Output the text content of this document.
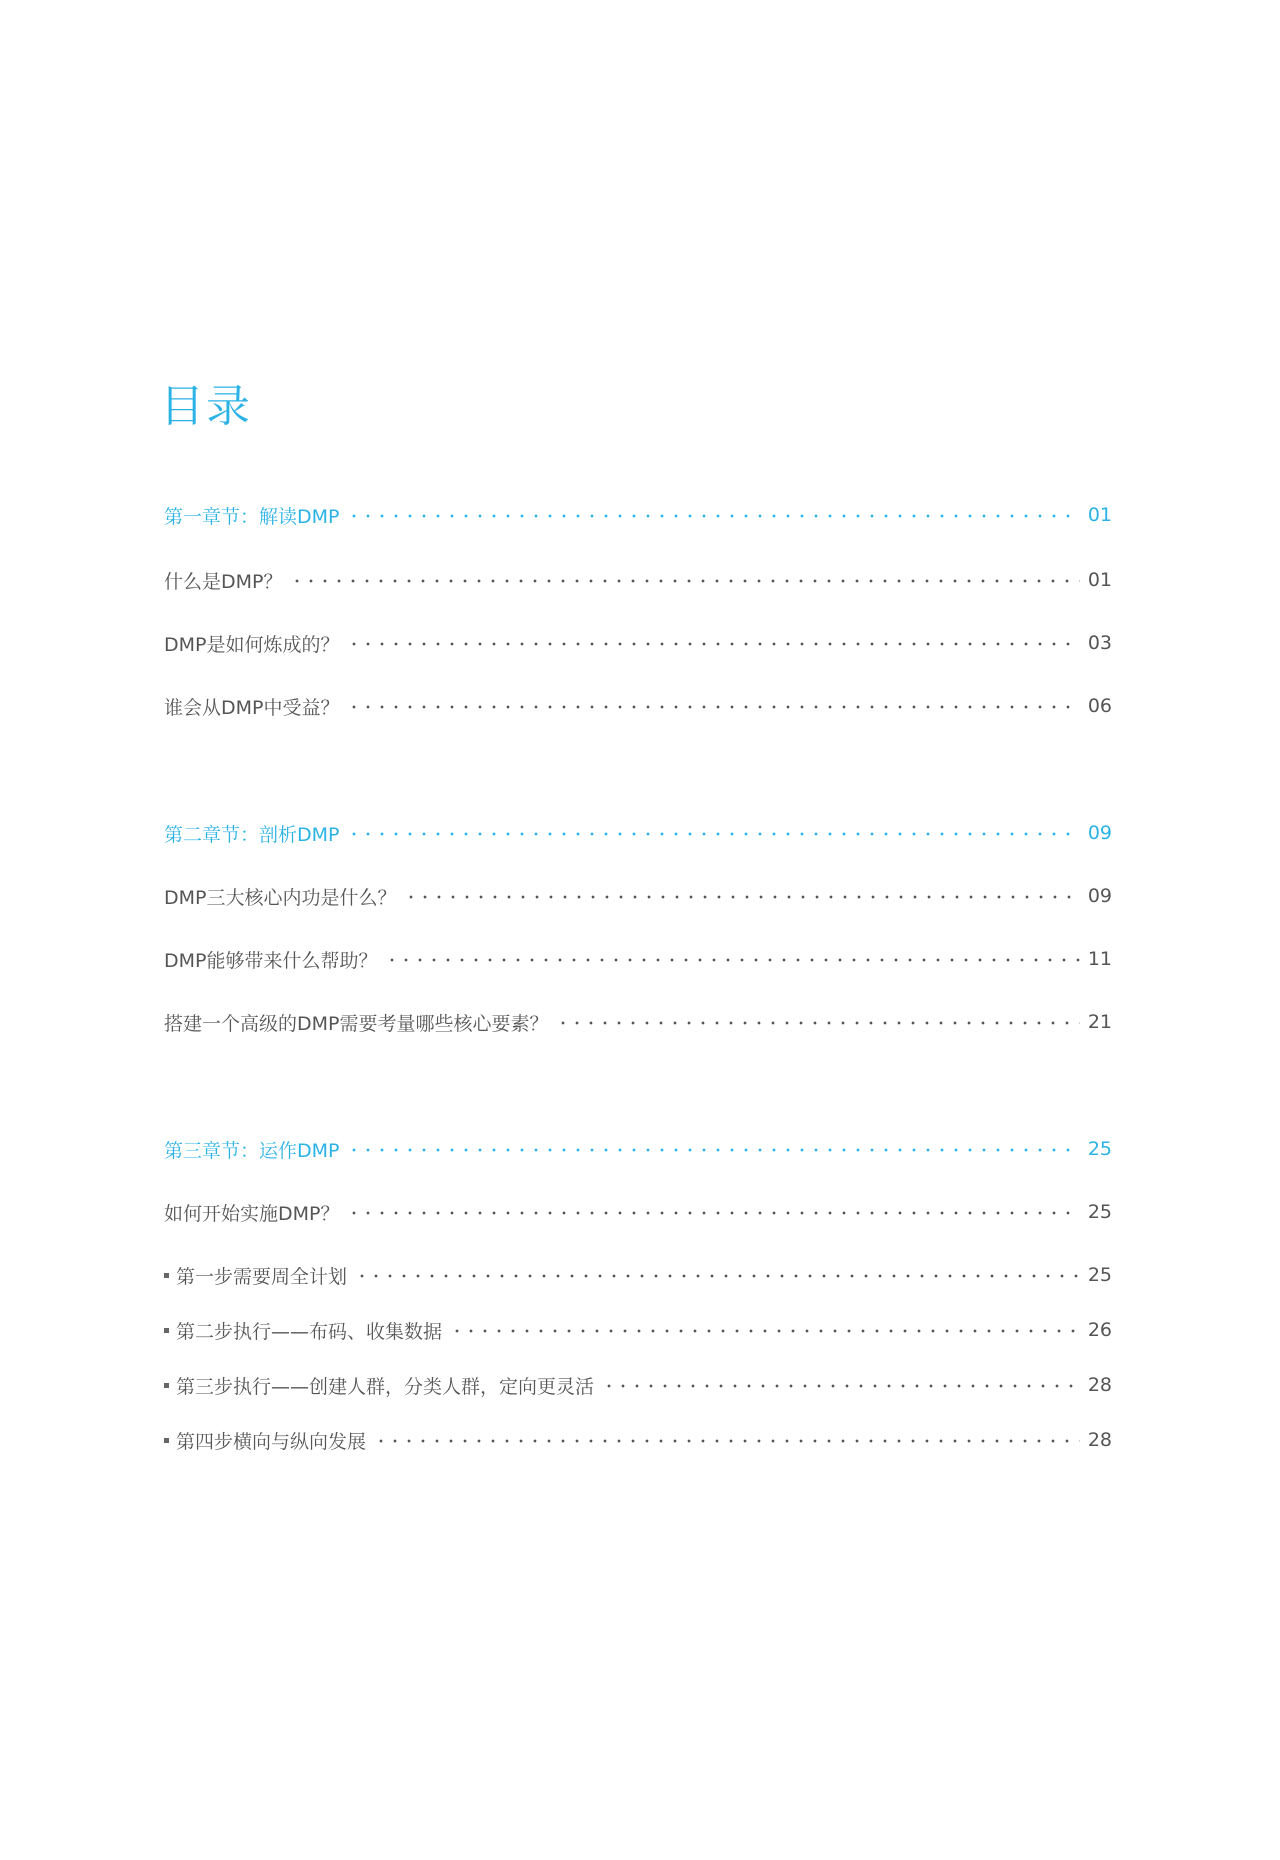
目录
第一章节：解读DMP	01
什么是DMP？	01
DMP是如何炼成的？	03
谁会从DMP中受益？	06
第二章节：剖析DMP	09
DMP三大核心内功是什么？	09
DMP能够带来什么帮助？	11
搭建一个高级的DMP需要考量哪些核心要素？	21
第三章节：运作DMP	25
如何开始实施DMP？	25
第一步需要周全计划	25
第二步执行——布码、收集数据	26
第三步执行——创建人群，分类人群，定向更灵活	28
第四步横向与纵向发展	28
